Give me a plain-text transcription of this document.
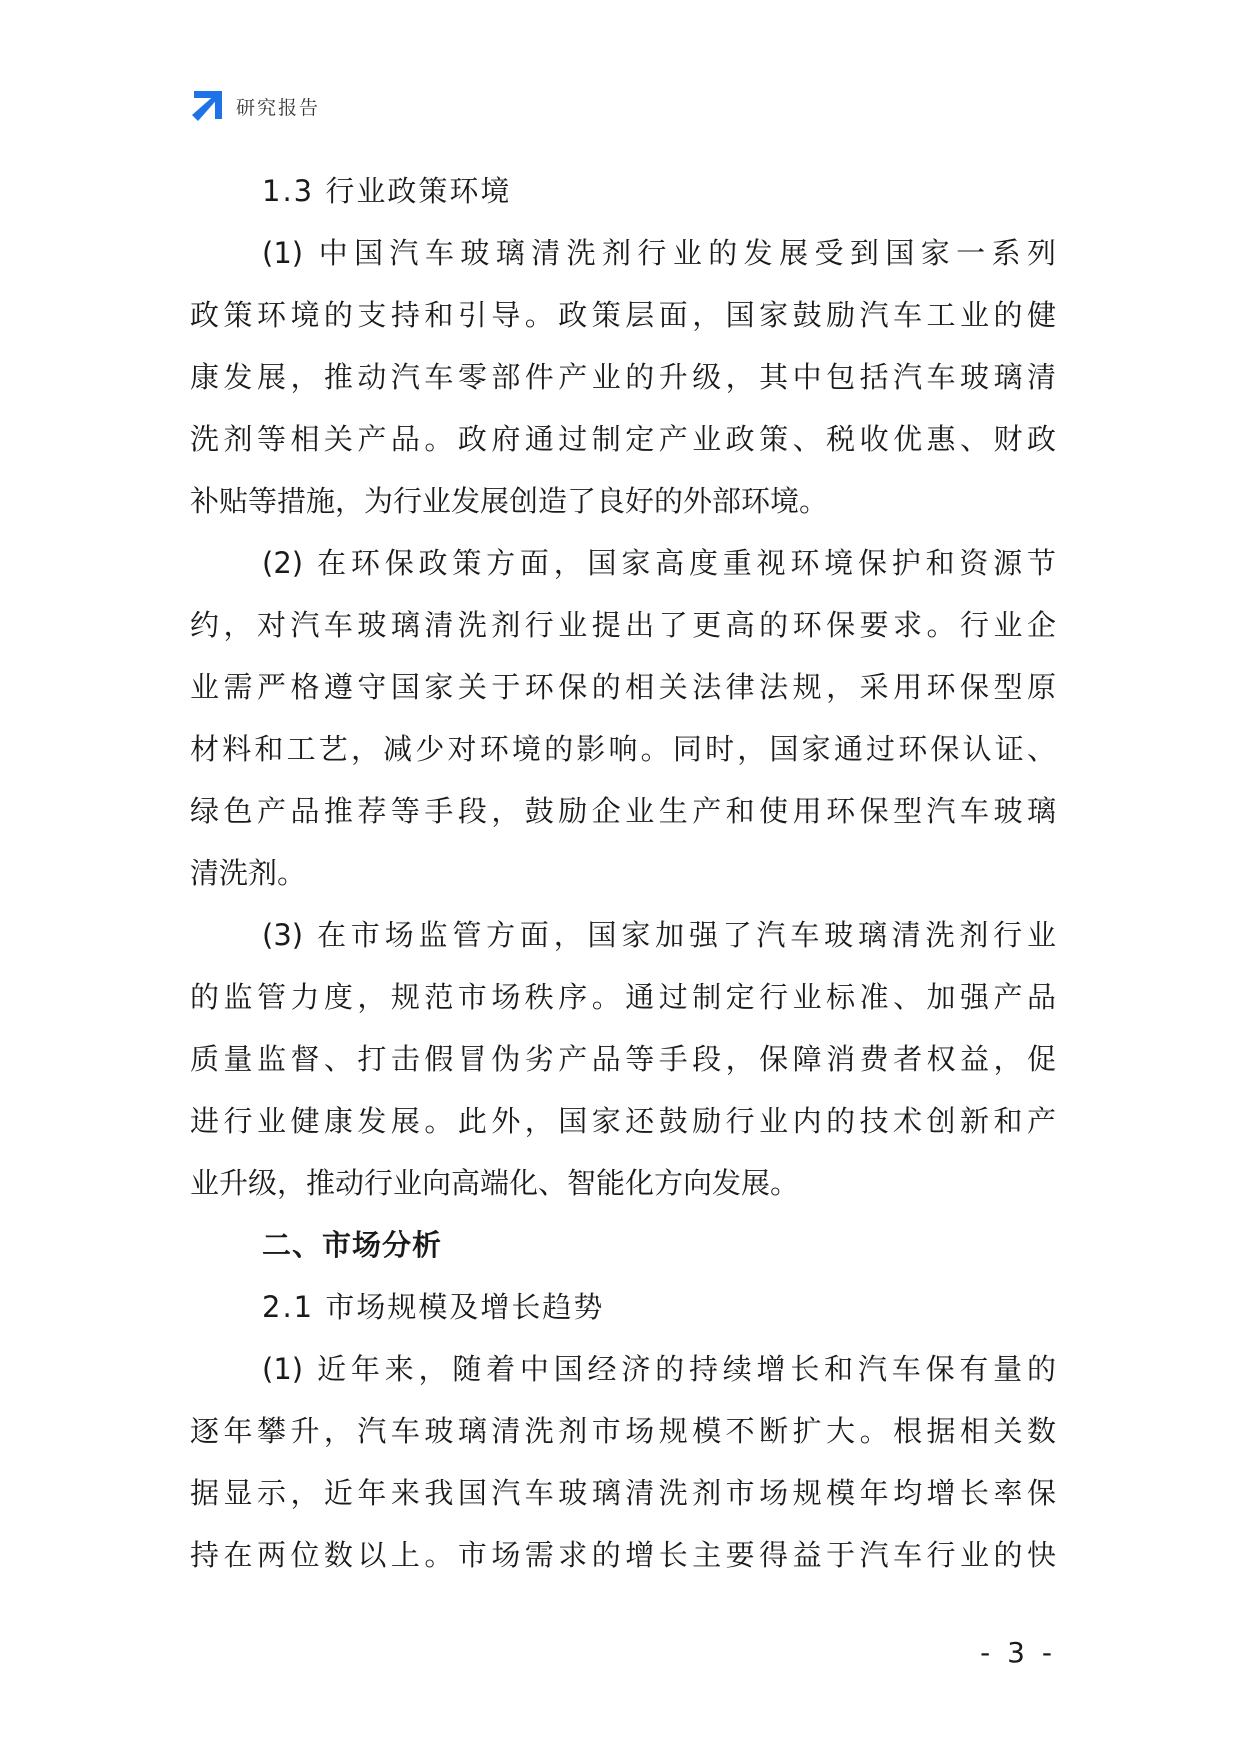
研究报告
1.3 行业政策环境
(1) 中国汽车玻璃清洗剂行业的发展受到国家一系列
政策环境的支持和引导。政策层面，国家鼓励汽车工业的健
康发展，推动汽车零部件产业的升级，其中包括汽车玻璃清
洗剂等相关产品。政府通过制定产业政策、税收优惠、财政
补贴等措施，为行业发展创造了良好的外部环境。
(2) 在环保政策方面，国家高度重视环境保护和资源节
约，对汽车玻璃清洗剂行业提出了更高的环保要求。行业企
业需严格遵守国家关于环保的相关法律法规，采用环保型原
材料和工艺，减少对环境的影响。同时，国家通过环保认证、
绿色产品推荐等手段，鼓励企业生产和使用环保型汽车玻璃
清洗剂。
(3) 在市场监管方面，国家加强了汽车玻璃清洗剂行业
的监管力度，规范市场秩序。通过制定行业标准、加强产品
质量监督、打击假冒伪劣产品等手段，保障消费者权益，促
进行业健康发展。此外，国家还鼓励行业内的技术创新和产
业升级，推动行业向高端化、智能化方向发展。
二、市场分析
2.1 市场规模及增长趋势
(1) 近年来，随着中国经济的持续增长和汽车保有量的
逐年攀升，汽车玻璃清洗剂市场规模不断扩大。根据相关数
据显示，近年来我国汽车玻璃清洗剂市场规模年均增长率保
持在两位数以上。市场需求的增长主要得益于汽车行业的快
- 3 -
